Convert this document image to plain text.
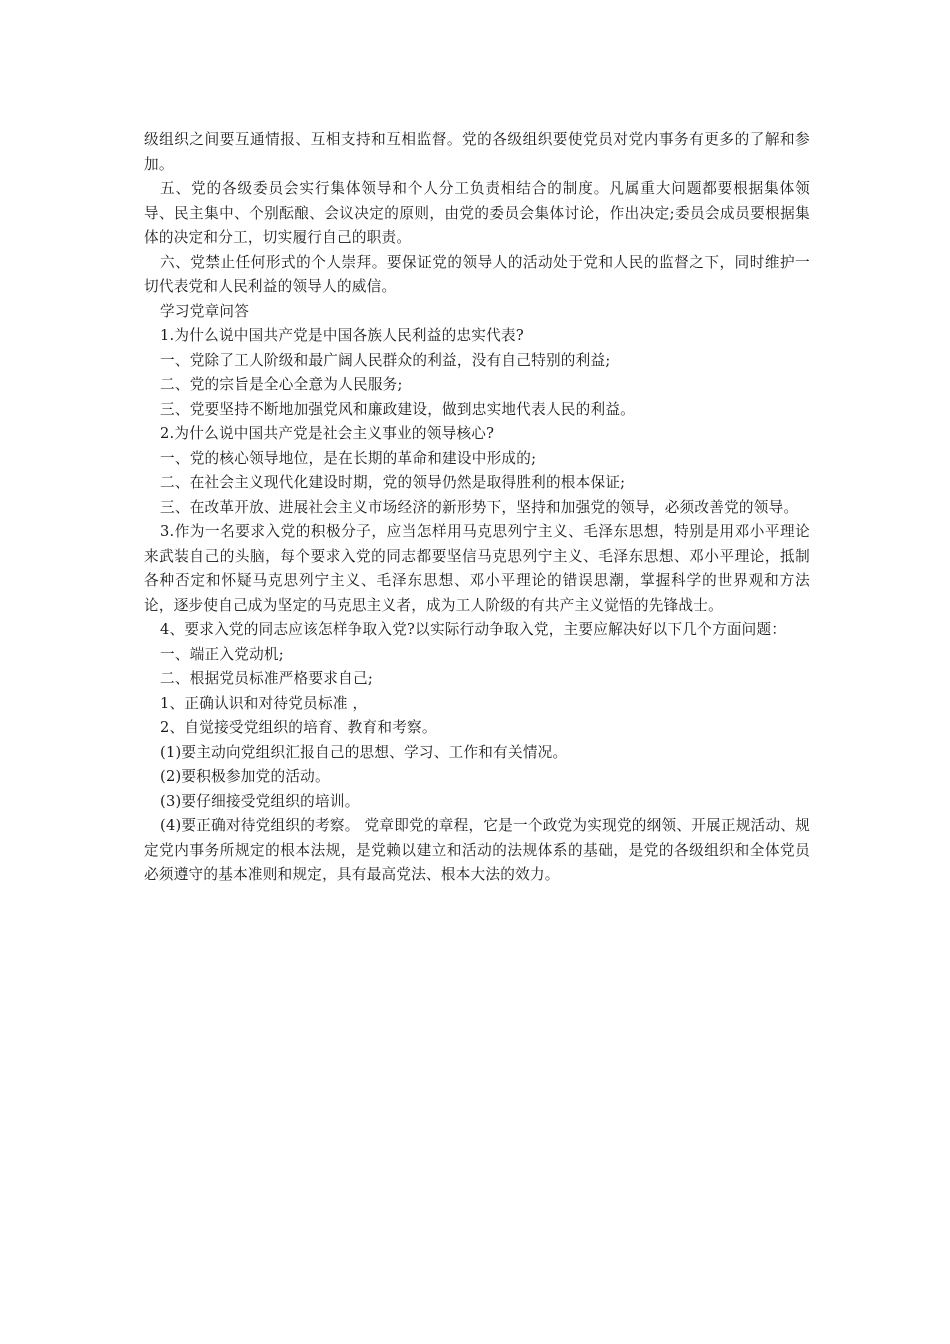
级组织之间要互通情报、互相支持和互相监督。党的各级组织要使党员对党内事务有更多的了解和参加。

五、党的各级委员会实行集体领导和个人分工负责相结合的制度。凡属重大问题都要根据集体领导、民主集中、个别酝酿、会议决定的原则，由党的委员会集体讨论，作出决定;委员会成员要根据集体的决定和分工，切实履行自己的职责。

六、党禁止任何形式的个人崇拜。要保证党的领导人的活动处于党和人民的监督之下，同时维护一切代表党和人民利益的领导人的威信。

学习党章问答

1.为什么说中国共产党是中国各族人民利益的忠实代表?

一、党除了工人阶级和最广阔人民群众的利益，没有自己特别的利益;

二、党的宗旨是全心全意为人民服务;

三、党要坚持不断地加强党风和廉政建设，做到忠实地代表人民的利益。

2.为什么说中国共产党是社会主义事业的领导核心?

一、党的核心领导地位，是在长期的革命和建设中形成的;

二、在社会主义现代化建设时期，党的领导仍然是取得胜利的根本保证;

三、在改革开放、进展社会主义市场经济的新形势下，坚持和加强党的领导，必须改善党的领导。

3.作为一名要求入党的积极分子，应当怎样用马克思列宁主义、毛泽东思想，特别是用邓小平理论来武装自己的头脑，每个要求入党的同志都要坚信马克思列宁主义、毛泽东思想、邓小平理论，抵制各种否定和怀疑马克思列宁主义、毛泽东思想、邓小平理论的错误思潮，掌握科学的世界观和方法论，逐步使自己成为坚定的马克思主义者，成为工人阶级的有共产主义觉悟的先锋战士。

4、要求入党的同志应该怎样争取入党?以实际行动争取入党，主要应解决好以下几个方面问题：

一、端正入党动机;

二、根据党员标准严格要求自己;

1、正确认识和对待党员标准 ，

2、自觉接受党组织的培育、教育和考察。

(1)要主动向党组织汇报自己的思想、学习、工作和有关情况。

(2)要积极参加党的活动。

(3)要仔细接受党组织的培训。

(4)要正确对待党组织的考察。 党章即党的章程，它是一个政党为实现党的纲领、开展正规活动、规定党内事务所规定的根本法规，是党赖以建立和活动的法规体系的基础，是党的各级组织和全体党员必须遵守的基本准则和规定，具有最高党法、根本大法的效力。
